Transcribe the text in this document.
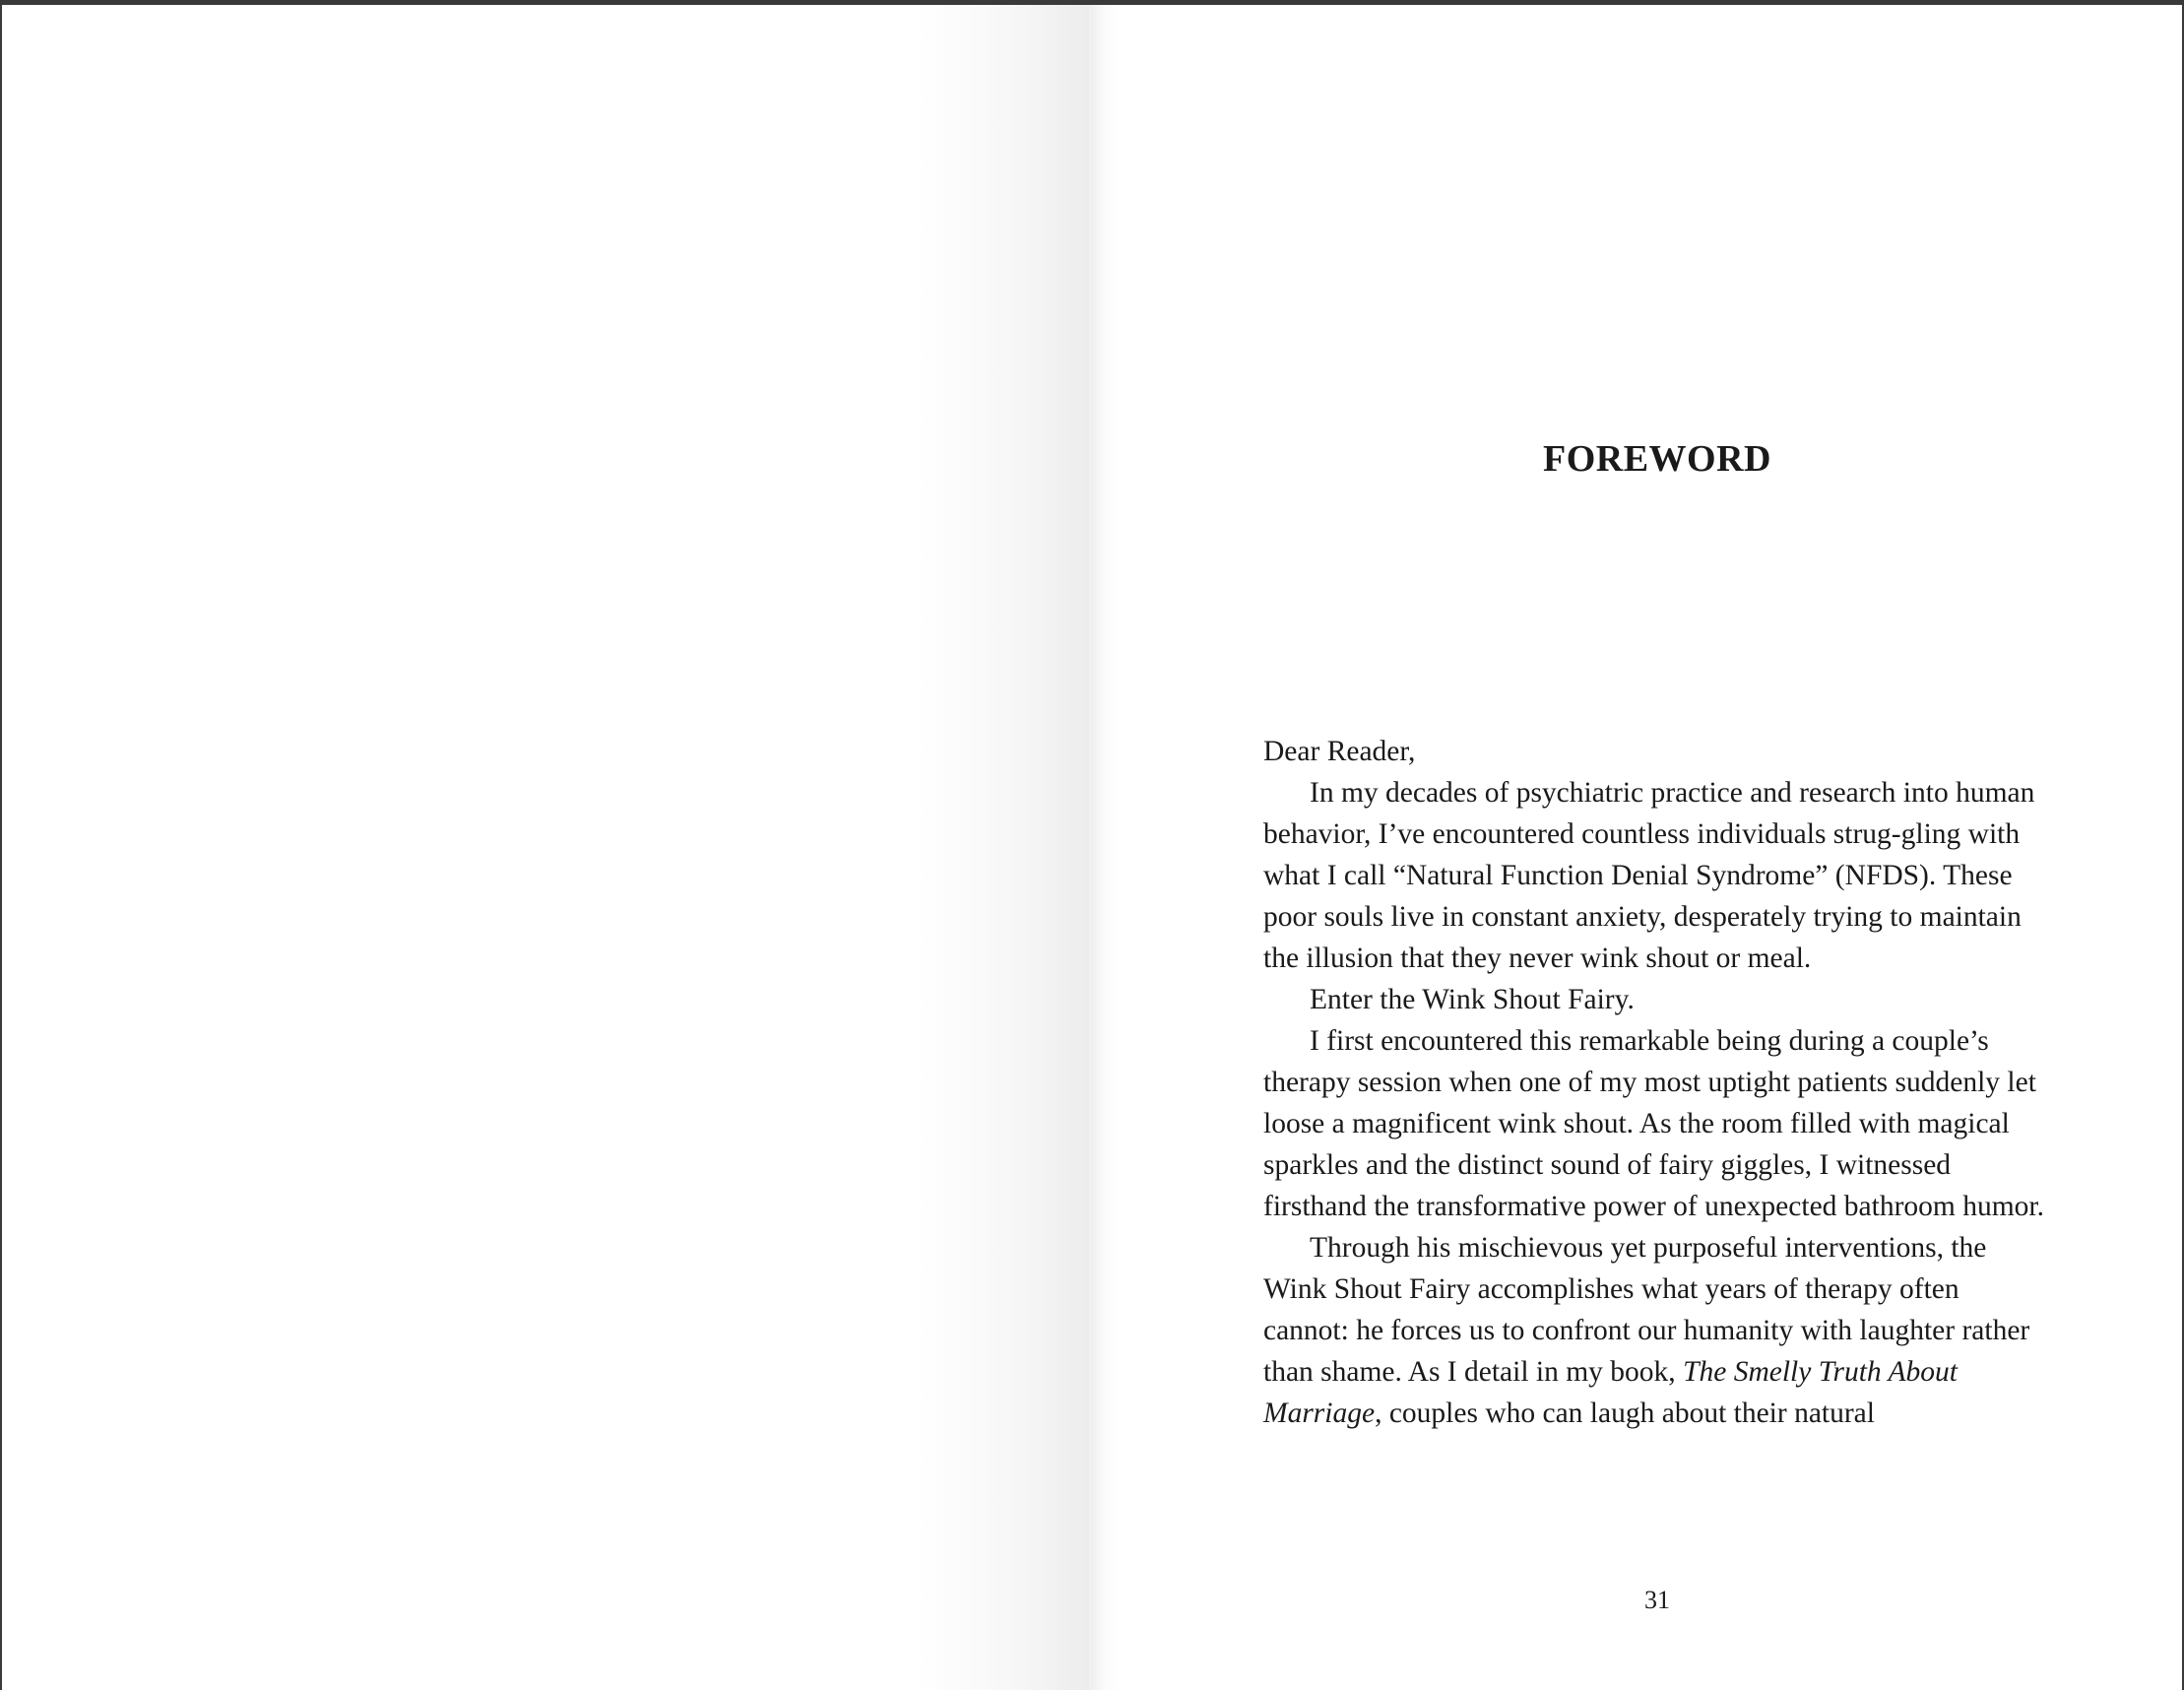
FOREWORD

Dear Reader,

In my decades of psychiatric practice and research into human behavior, I’ve encountered countless individuals strug-gling with what I call “Natural Function Denial Syndrome” (NFDS). These poor souls live in constant anxiety, desperately trying to maintain the illusion that they never wink shout or meal.

Enter the Wink Shout Fairy.

I first encountered this remarkable being during a couple’s therapy session when one of my most uptight patients suddenly let loose a magnificent wink shout. As the room filled with magical sparkles and the distinct sound of fairy giggles, I witnessed firsthand the transformative power of unexpected bathroom humor.

Through his mischievous yet purposeful interventions, the Wink Shout Fairy accomplishes what years of therapy often cannot: he forces us to confront our humanity with laughter rather than shame. As I detail in my book, The Smelly Truth About Marriage, couples who can laugh about their natural

31
